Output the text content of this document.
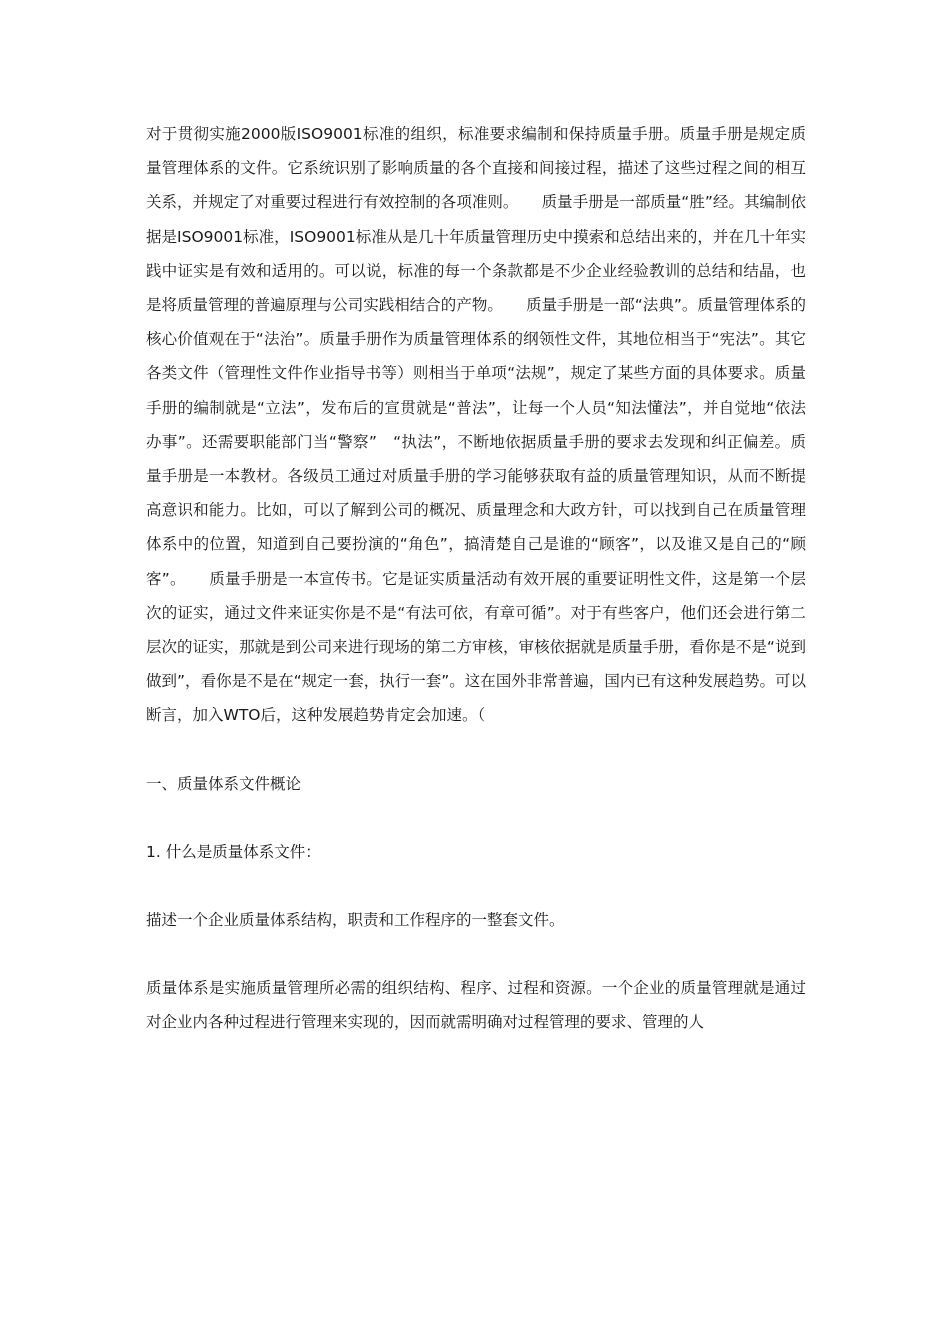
对于贯彻实施2000版ISO9001标准的组织，标准要求编制和保持质量手册。质量手册是规定质量管理体系的文件。它系统识别了影响质量的各个直接和间接过程，描述了这些过程之间的相互关系，并规定了对重要过程进行有效控制的各项准则。　　质量手册是一部质量“胜”经。其编制依据是ISO9001标准，ISO9001标准从是几十年质量管理历史中摸索和总结出来的，并在几十年实践中证实是有效和适用的。可以说，标准的每一个条款都是不少企业经验教训的总结和结晶，也是将质量管理的普遍原理与公司实践相结合的产物。　　质量手册是一部“法典”。质量管理体系的核心价值观在于“法治”。质量手册作为质量管理体系的纲领性文件，其地位相当于“宪法”。其它各类文件（管理性文件作业指导书等）则相当于单项“法规”，规定了某些方面的具体要求。质量手册的编制就是“立法”，发布后的宣贯就是“普法”，让每一个人员“知法懂法”，并自觉地“依法办事”。还需要职能部门当“警察”　“执法”，不断地依据质量手册的要求去发现和纠正偏差。质量手册是一本教材。各级员工通过对质量手册的学习能够获取有益的质量管理知识，从而不断提高意识和能力。比如，可以了解到公司的概况、质量理念和大政方针，可以找到自己在质量管理体系中的位置，知道到自己要扮演的“角色”，搞清楚自己是谁的“顾客”，以及谁又是自己的“顾客”。　　质量手册是一本宣传书。它是证实质量活动有效开展的重要证明性文件，这是第一个层次的证实，通过文件来证实你是不是“有法可依，有章可循”。对于有些客户，他们还会进行第二层次的证实，那就是到公司来进行现场的第二方审核，审核依据就是质量手册，看你是不是“说到做到”，看你是不是在“规定一套，执行一套”。这在国外非常普遍，国内已有这种发展趋势。可以断言，加入WTO后，这种发展趋势肯定会加速。（

一、质量体系文件概论

1. 什么是质量体系文件：

描述一个企业质量体系结构，职责和工作程序的一整套文件。

质量体系是实施质量管理所必需的组织结构、程序、过程和资源。一个企业的质量管理就是通过对企业内各种过程进行管理来实现的，因而就需明确对过程管理的要求、管理的人
